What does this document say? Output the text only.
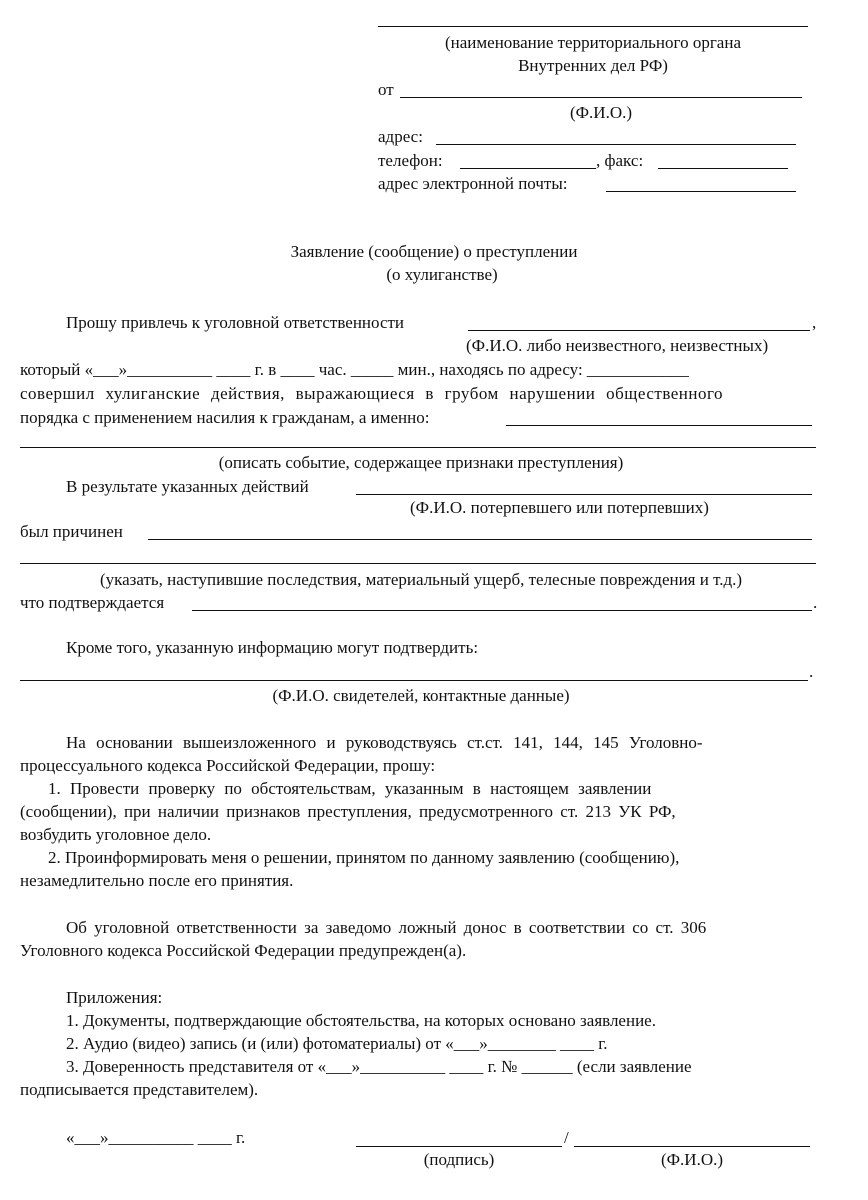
(наименование территориального органа
Внутренних дел РФ)
от
(Ф.И.О.)
адрес:
телефон:	, факс:
адрес электронной почты:
Заявление (сообщение) о преступлении
(о хулиганстве)
Прошу привлечь к уголовной ответственности	,
(Ф.И.О. либо неизвестного, неизвестных)
который «___»__________ ____ г. в ____ час. _____ мин., находясь по адресу: ____________
совершил хулиганские действия, выражающиеся в грубом нарушении общественного
порядка с применением насилия к гражданам, а именно:
(описать событие, содержащее признаки преступления)
В результате указанных действий
(Ф.И.О. потерпевшего или потерпевших)
был причинен
(указать, наступившие последствия, материальный ущерб, телесные повреждения и т.д.)
что подтверждается	.
Кроме того, указанную информацию могут подтвердить:
.
(Ф.И.О. свидетелей, контактные данные)
На основании вышеизложенного и руководствуясь ст.ст. 141, 144, 145 Уголовно-
процессуального кодекса Российской Федерации, прошу:
1. Провести проверку по обстоятельствам, указанным в настоящем заявлении
(сообщении), при наличии признаков преступления, предусмотренного ст. 213 УК РФ,
возбудить уголовное дело.
2. Проинформировать меня о решении, принятом по данному заявлению (сообщению),
незамедлительно после его принятия.
Об уголовной ответственности за заведомо ложный донос в соответствии со ст. 306
Уголовного кодекса Российской Федерации предупрежден(а).
Приложения:
1. Документы, подтверждающие обстоятельства, на которых основано заявление.
2. Аудио (видео) запись (и (или) фотоматериалы) от «___»________ ____ г.
3. Доверенность представителя от «___»__________ ____ г. № ______ (если заявление
подписывается представителем).
«___»__________ ____ г.	/
(подпись)	(Ф.И.О.)
